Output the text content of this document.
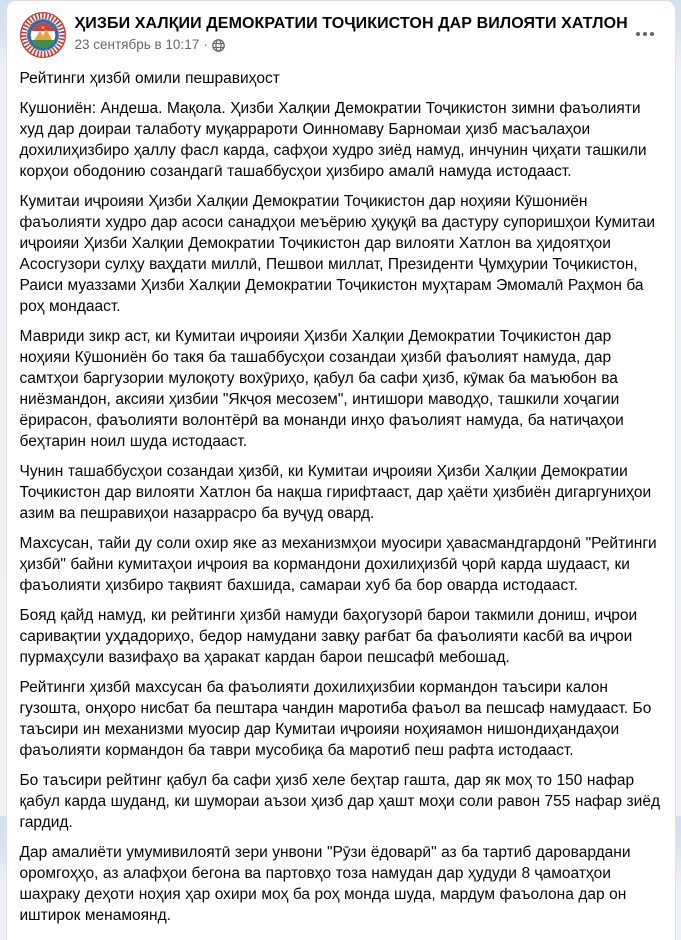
ҲИЗБИ ХАЛҚИИ ДЕМОКРАТИИ ТОҶИКИСТОН ДАР ВИЛОЯТИ ХАТЛОН
23 сентябрь в 10:17 ·

Рейтинги ҳизбӣ омили пешравиҳост

Кушониён: Андеша. Мақола. Ҳизби Халқии Демократии Тоҷикистон зимни фаъолияти худ дар доираи талаботу муқаррароти Оинномаву Барномаи ҳизб масъалаҳои дохилиҳизбиро ҳаллу фасл карда, сафҳои худро зиёд намуд, инчунин ҷиҳати ташкили корҳои ободонию созандагӣ ташаббусҳои ҳизбиро амалӣ намуда истодааст.

Кумитаи иҷроияи Ҳизби Халқии Демократии Тоҷикистон дар ноҳияи Кӯшониён фаъолияти худро дар асоси санадҳои меъёрию ҳуқуқӣ ва дастуру супоришҳои Кумитаи иҷроияи Ҳизби Халқии Демократии Тоҷикистон дар вилояти Хатлон ва ҳидоятҳои Асосгузори сулҳу ваҳдати миллӣ, Пешвои миллат, Президенти Ҷумҳурии Тоҷикистон, Раиси муаззами Ҳизби Халқии Демократии Тоҷикистон муҳтарам Эмомалӣ Раҳмон ба роҳ мондааст.

Мавриди зикр аст, ки Кумитаи иҷроияи Ҳизби Халқии Демократии Тоҷикистон дар ноҳияи Кӯшониён бо такя ба ташаббусҳои созандаи ҳизбӣ фаъолият намуда, дар самтҳои баргузории мулоқоту вохӯриҳо, қабул ба сафи ҳизб, кӯмак ба маъюбон ва ниёзмандон, аксияи ҳизбии "Якҷоя месозем", интишори маводҳо, ташкили хоҷагии ёрирасон, фаъолияти волонтёрӣ ва монанди инҳо фаъолият намуда, ба натиҷаҳои беҳтарин ноил шуда истодааст.

Чунин ташаббусҳои созандаи ҳизбӣ, ки Кумитаи иҷроияи Ҳизби Халқии Демократии Тоҷикистон дар вилояти Хатлон ба нақша гирифтааст, дар ҳаёти ҳизбиён дигаргуниҳои азим ва пешравиҳои назаррасро ба вуҷуд овард.

Махсусан, тайи ду соли охир яке аз механизмҳои муосири ҳавасмандгардонӣ "Рейтинги ҳизбӣ" байни кумитаҳои иҷроия ва кормандони дохилиҳизбӣ ҷорӣ карда шудааст, ки фаъолияти ҳизбиро тақвият бахшида, самараи хуб ба бор оварда истодааст.

Бояд қайд намуд, ки рейтинги ҳизбӣ намуди баҳогузорӣ барои такмили дониш, иҷрои саривақтии уҳдадориҳо, бедор намудани завқу рағбат ба фаъолияти касбӣ ва иҷрои пурмаҳсули вазифаҳо ва ҳаракат кардан барои пешсафӣ мебошад.

Рейтинги ҳизбӣ махсусан ба фаъолияти дохилиҳизбии кормандон таъсири калон гузошта, онҳоро нисбат ба пештара чандин маротиба фаъол ва пешсаф намудааст. Бо таъсири ин механизми муосир дар Кумитаи иҷроияи ноҳияамон нишондиҳандаҳои фаъолияти кормандон ба таври мусобиқа ба маротиб пеш рафта истодааст.

Бо таъсири рейтинг қабул ба сафи ҳизб хеле беҳтар гашта, дар як моҳ то 150 нафар қабул карда шуданд, ки шумораи аъзои ҳизб дар ҳашт моҳи соли равон 755 нафар зиёд гардид.

Дар амалиёти умумивилоятӣ зери унвони "Рӯзи ёдоварӣ" аз ба тартиб даровардани оромгоҳҳо, аз алафҳои бегона ва партовҳо тоза намудан дар ҳудуди 8 ҷамоатҳои шаҳраку деҳоти ноҳия ҳар охири моҳ ба роҳ монда шуда, мардум фаъолона дар он иштирок менамоянд.
